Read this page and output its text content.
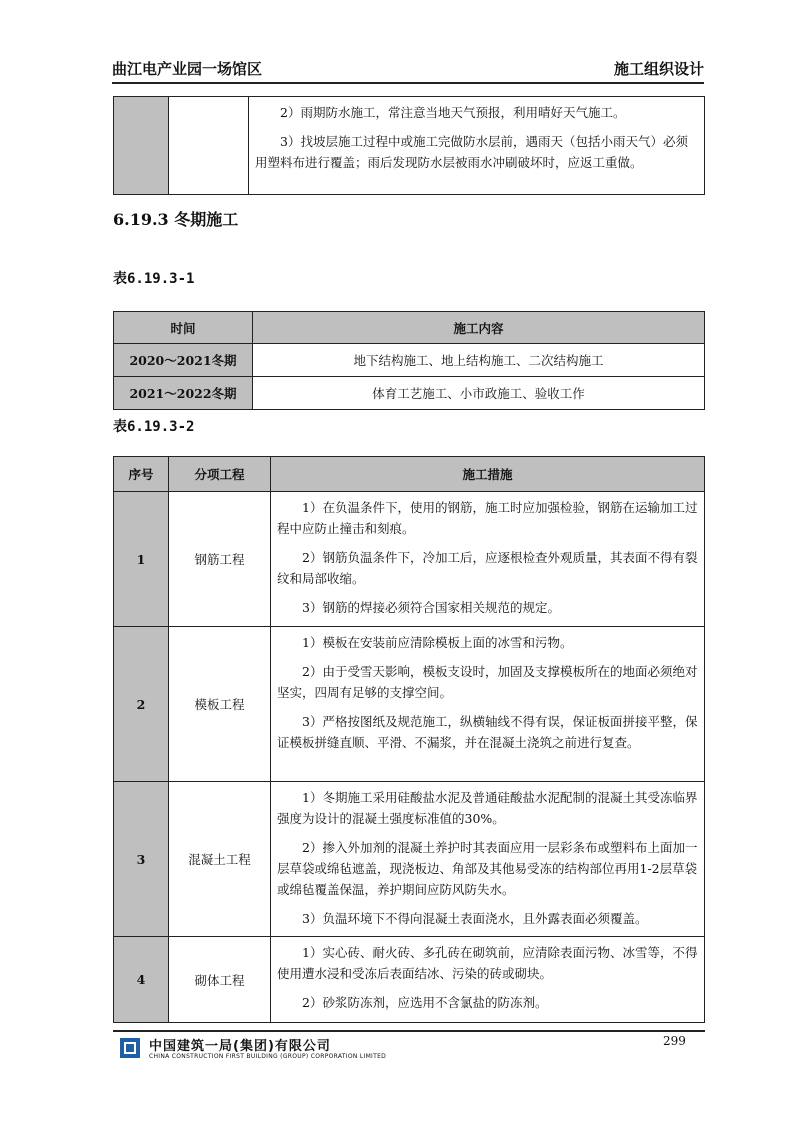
曲江电产业园一场馆区	施工组织设计

2）雨期防水施工，常注意当地天气预报，利用晴好天气施工。
3）找坡层施工过程中或施工完做防水层前，遇雨天（包括小雨天气）必须用塑料布进行覆盖；雨后发现防水层被雨水冲刷破坏时，应返工重做。
6.19.3 冬期施工
表6.19.3-1
时间	施工内容
2020～2021冬期	地下结构施工、地上结构施工、二次结构施工
2021～2022冬期	体育工艺施工、小市政施工、验收工作
表6.19.3-2
序号	分项工程	施工措施
1	钢筋工程	1）在负温条件下，使用的钢筋，施工时应加强检验，钢筋在运输加工过程中应防止撞击和刻痕。
2）钢筋负温条件下，冷加工后，应逐根检查外观质量，其表面不得有裂纹和局部收缩。
3）钢筋的焊接必须符合国家相关规范的规定。

2	模板工程	1）模板在安装前应清除模板上面的冰雪和污物。
2）由于受雪天影响，模板支设时，加固及支撑模板所在的地面必须绝对坚实，四周有足够的支撑空间。
3）严格按图纸及规范施工，纵横轴线不得有误，保证板面拼接平整，保证模板拼缝直顺、平滑、不漏浆，并在混凝土浇筑之前进行复查。

3	混凝土工程	1）冬期施工采用硅酸盐水泥及普通硅酸盐水泥配制的混凝土其受冻临界强度为设计的混凝土强度标准值的30%。
2）掺入外加剂的混凝土养护时其表面应用一层彩条布或塑料布上面加一层草袋或绵毡遮盖，现浇板边、角部及其他易受冻的结构部位再用1-2层草袋或绵毡覆盖保温，养护期间应防风防失水。
3）负温环境下不得向混凝土表面浇水，且外露表面必须覆盖。

4	砌体工程	1）实心砖、耐火砖、多孔砖在砌筑前，应清除表面污物、冰雪等，不得使用遭水浸和受冻后表面结冰、污染的砖或砌块。
2）砂浆防冻剂，应选用不含氯盐的防冻剂。
中国建筑一局(集团)有限公司
CHINA CONSTRUCTION FIRST BUILDING (GROUP) CORPORATION LIMITED
299
